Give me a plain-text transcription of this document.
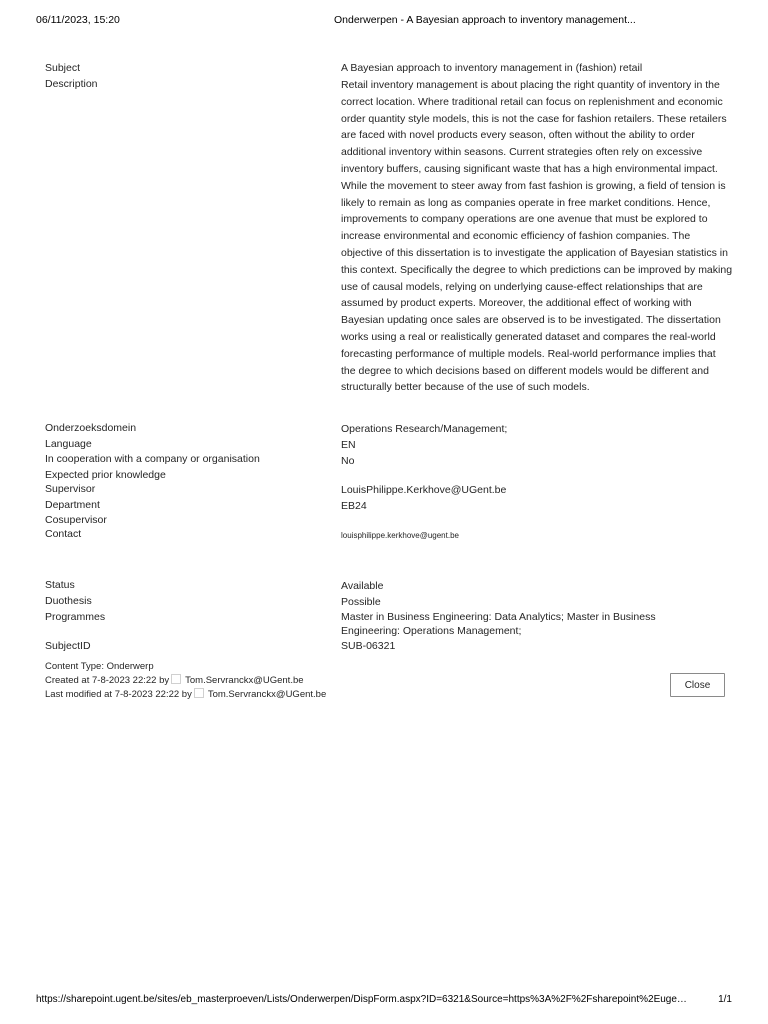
06/11/2023, 15:20	Onderwerpen - A Bayesian approach to inventory management...
Subject	A Bayesian approach to inventory management in (fashion) retail
Description	Retail inventory management is about placing the right quantity of inventory in the correct location. Where traditional retail can focus on replenishment and economic order quantity style models, this is not the case for fashion retailers. These retailers are faced with novel products every season, often without the ability to order additional inventory within seasons. Current strategies often rely on excessive inventory buffers, causing significant waste that has a high environmental impact. While the movement to steer away from fast fashion is growing, a field of tension is likely to remain as long as companies operate in free market conditions. Hence, improvements to company operations are one avenue that must be explored to increase environmental and economic efficiency of fashion companies. The objective of this dissertation is to investigate the application of Bayesian statistics in this context. Specifically the degree to which predictions can be improved by making use of causal models, relying on underlying cause-effect relationships that are assumed by product experts. Moreover, the additional effect of working with Bayesian updating once sales are observed is to be investigated. The dissertation works using a real or realistically generated dataset and compares the real-world forecasting performance of multiple models. Real-world performance implies that the degree to which decisions based on different models would be different and structurally better because of the use of such models.
Onderzoeksdomein	Operations Research/Management;
Language	EN
In cooperation with a company or organisation	No
Expected prior knowledge
Supervisor	LouisPhilippe.Kerkhove@UGent.be
Department	EB24
Cosupervisor
Contact	louisphilippe.kerkhove@ugent.be
Status	Available
Duothesis	Possible
Programmes	Master in Business Engineering: Data Analytics; Master in Business Engineering: Operations Management;
SubjectID	SUB-06321
Content Type: Onderwerp
Created at 7-8-2023 22:22 by Tom.Servranckx@UGent.be
Last modified at 7-8-2023 22:22 by Tom.Servranckx@UGent.be
Close
https://sharepoint.ugent.be/sites/eb_masterproeven/Lists/Onderwerpen/DispForm.aspx?ID=6321&Source=https%3A%2F%2Fsharepoint%2Euge…	1/1
